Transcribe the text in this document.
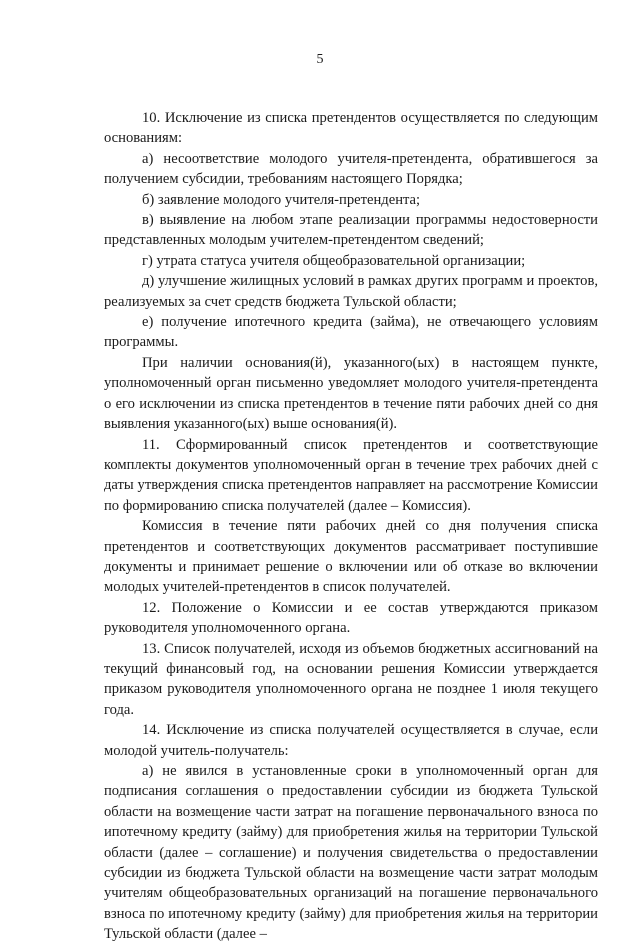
5

10. Исключение из списка претендентов осуществляется по следующим основаниям:

а) несоответствие молодого учителя-претендента, обратившегося за получением субсидии, требованиям настоящего Порядка;

б) заявление молодого учителя-претендента;

в) выявление на любом этапе реализации программы недостоверности представленных молодым учителем-претендентом сведений;

г) утрата статуса учителя общеобразовательной организации;

д) улучшение жилищных условий в рамках других программ и проектов, реализуемых за счет средств бюджета Тульской области;

е) получение ипотечного кредита (займа), не отвечающего условиям программы.

При наличии основания(й), указанного(ых) в настоящем пункте, уполномоченный орган письменно уведомляет молодого учителя-претендента о его исключении из списка претендентов в течение пяти рабочих дней со дня выявления указанного(ых) выше основания(й).

11. Сформированный список претендентов и соответствующие комплекты документов уполномоченный орган в течение трех рабочих дней с даты утверждения списка претендентов направляет на рассмотрение Комиссии по формированию списка получателей (далее – Комиссия).

Комиссия в течение пяти рабочих дней со дня получения списка претендентов и соответствующих документов рассматривает поступившие документы и принимает решение о включении или об отказе во включении молодых учителей-претендентов в список получателей.

12. Положение о Комиссии и ее состав утверждаются приказом руководителя уполномоченного органа.

13. Список получателей, исходя из объемов бюджетных ассигнований на текущий финансовый год, на основании решения Комиссии утверждается приказом руководителя уполномоченного органа не позднее 1 июля текущего года.

14. Исключение из списка получателей осуществляется в случае, если молодой учитель-получатель:

а) не явился в установленные сроки в уполномоченный орган для подписания соглашения о предоставлении субсидии из бюджета Тульской области на возмещение части затрат на погашение первоначального взноса по ипотечному кредиту (займу) для приобретения жилья на территории Тульской области (далее – соглашение) и получения свидетельства о предоставлении субсидии из бюджета Тульской области на возмещение части затрат молодым учителям общеобразовательных организаций на погашение первоначального взноса по ипотечному кредиту (займу) для приобретения жилья на территории Тульской области (далее –
